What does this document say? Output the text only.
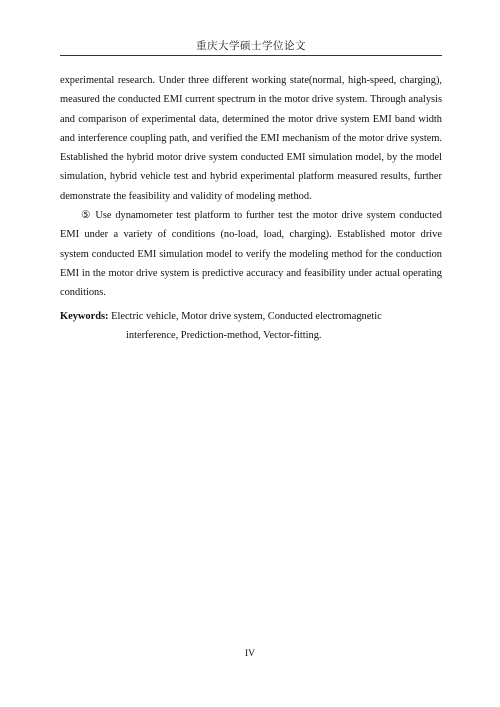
重庆大学硕士学位论文

experimental research. Under three different working state(normal, high-speed, charging), measured the conducted EMI current spectrum in the motor drive system. Through analysis and comparison of experimental data, determined the motor drive system EMI band width and interference coupling path, and verified the EMI mechanism of the motor drive system. Established the hybrid motor drive system conducted EMI simulation model, by the model simulation, hybrid vehicle test and hybrid experimental platform measured results, further demonstrate the feasibility and validity of modeling method.

⑤ Use dynamometer test platform to further test the motor drive system conducted EMI under a variety of conditions (no-load, load, charging). Established motor drive system conducted EMI simulation model to verify the modeling method for the conduction EMI in the motor drive system is predictive accuracy and feasibility under actual operating conditions.

Keywords: Electric vehicle, Motor drive system, Conducted electromagnetic
interference, Prediction-method, Vector-fitting.
IV
